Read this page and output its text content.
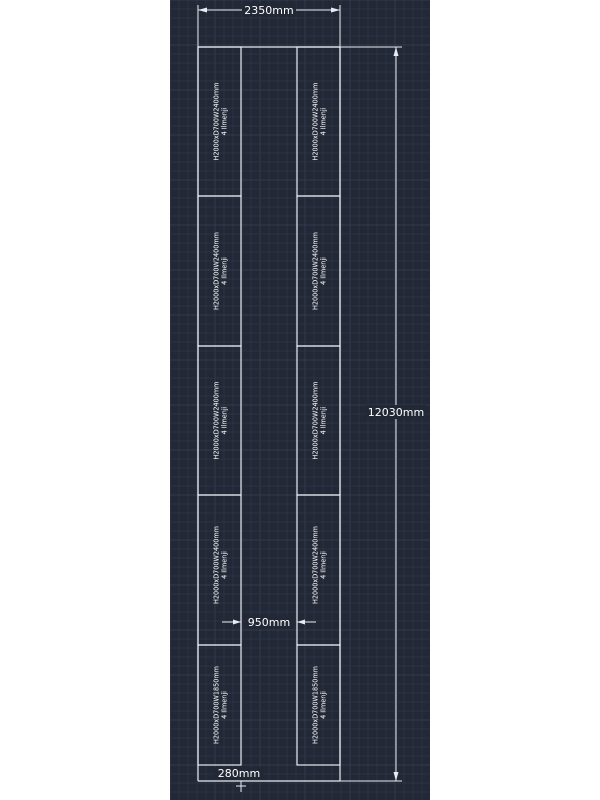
2350mm
12030mm
H2000xD700W2400mm 4 Ilmenji
H2000xD700W2400mm 4 Ilmenji
H2000xD700W2400mm 4 Ilmenji
H2000xD700W2400mm 4 Ilmenji
H2000xD700W1850mm 4 Ilmenji
H2000xD700W2400mm 4 Ilmenji
H2000xD700W2400mm 4 Ilmenji
H2000xD700W2400mm 4 Ilmenji
H2000xD700W2400mm 4 Ilmenji
H2000xD700W1850mm 4 Ilmenji
950mm
280mm
